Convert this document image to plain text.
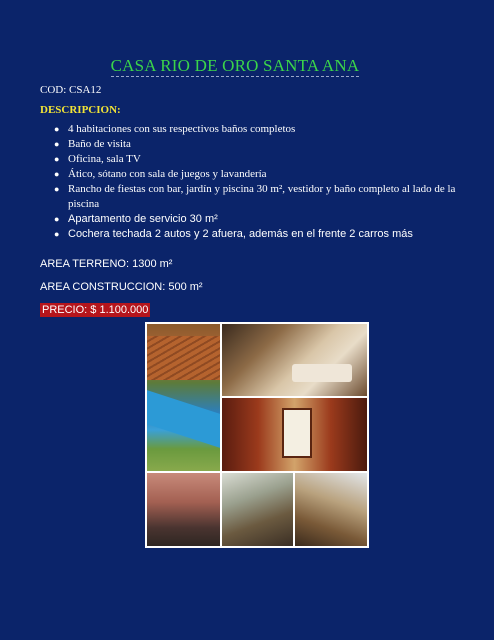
CASA RIO DE ORO SANTA ANA
COD: CSA12
DESCRIPCION:
● 4 habitaciones con sus respectivos baños completos
● Baño de visita
● Oficina, sala TV
● Ático, sótano con sala de juegos y lavandería
● Rancho de fiestas con bar, jardín y piscina 30 m², vestidor y baño completo al lado de la piscina
● Apartamento de servicio 30 m²
● Cochera techada 2 autos y 2 afuera, además en el frente 2 carros más
AREA TERRENO: 1300 m²
AREA CONSTRUCCION: 500 m²
PRECIO: $ 1.100.000
